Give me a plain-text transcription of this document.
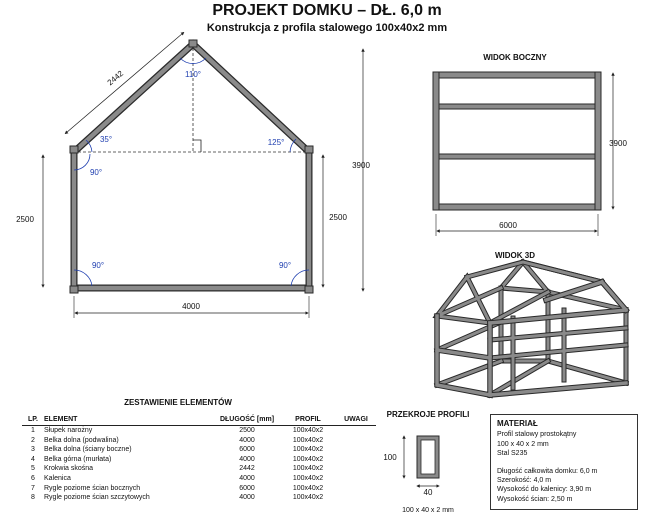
PROJEKT DOMKU – DŁ. 6,0 m
Konstrukcja z profila stalowego 100x40x2 mm
110°
35°	125°
90°
90°	90°
2442
2500	2500
3900
4000
WIDOK BOCZNY
3900
6000
WIDOK 3D
100
40
100 x 40 x 2 mm
ZESTAWIENIE ELEMENTÓW
LP.	ELEMENT	DŁUGOŚĆ [mm]	PROFIL	UWAGI
1	Słupek narożny	2500	100x40x2	
2	Belka dolna (podwalina)	4000	100x40x2	
3	Belka dolna (ściany boczne)	6000	100x40x2	
4	Belka górna (murłata)	4000	100x40x2	
5	Krokwia skośna	2442	100x40x2	
6	Kalenica	4000	100x40x2	
7	Rygle poziome ścian bocznych	6000	100x40x2	
8	Rygle poziome ścian szczytowych	4000	100x40x2	
PRZEKROJE PROFILI
MATERIAŁ
Profil stalowy prostokątny
100 x 40 x 2 mm
Stal S235
Długość całkowita domku: 6,0 m
Szerokość: 4,0 m
Wysokość do kalenicy: 3,90 m
Wysokość ścian: 2,50 m
